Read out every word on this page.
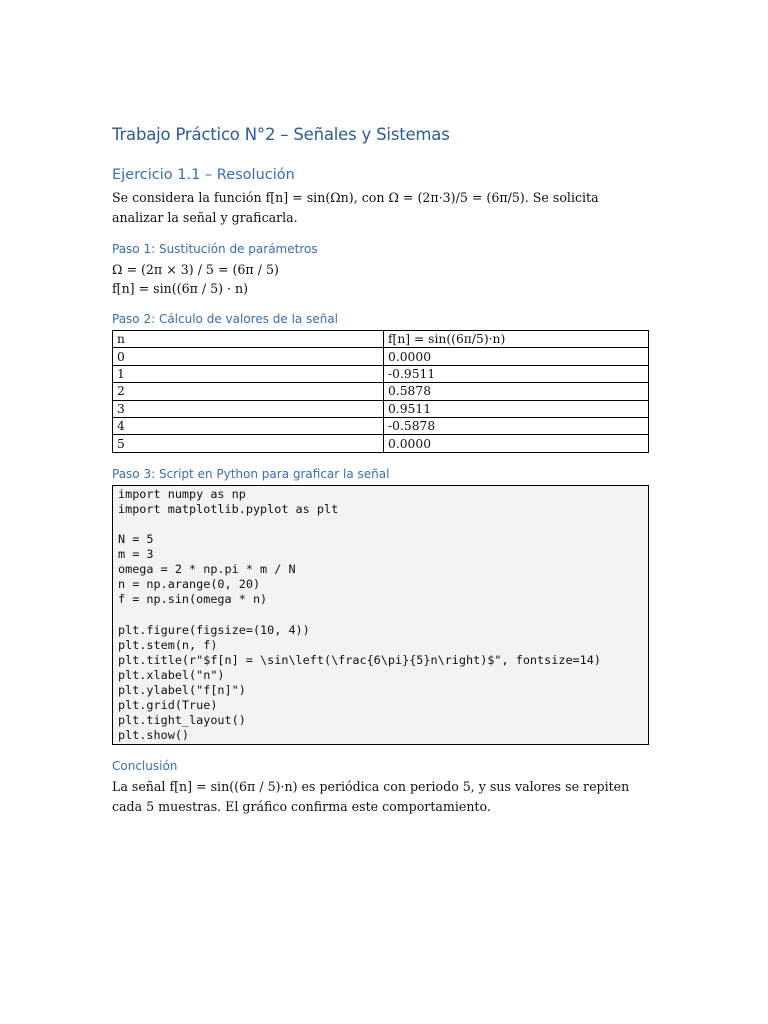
Trabajo Práctico N°2 – Señales y Sistemas
Ejercicio 1.1 – Resolución

Se considera la función f[n] = sin(Ωn), con Ω = (2π·3)/5 = (6π/5). Se solicita analizar la señal y graficarla.

Paso 1: Sustitución de parámetros

Ω = (2π × 3) / 5 = (6π / 5)

f[n] = sin((6π / 5) · n)

Paso 2: Cálculo de valores de la señal
n	f[n] = sin((6π/5)·n)
0	0.0000
1	-0.9511
2	0.5878
3	0.9511
4	-0.5878
5	0.0000
Paso 3: Script en Python para graficar la señal
import numpy as np
import matplotlib.pyplot as plt
N = 5
m = 3
omega = 2 * np.pi * m / N
n = np.arange(0, 20)
f = np.sin(omega * n)
plt.figure(figsize=(10, 4))
plt.stem(n, f)
plt.title(r"$f[n] = \sin\left(\frac{6\pi}{5}n\right)$", fontsize=14)
plt.xlabel("n")
plt.ylabel("f[n]")
plt.grid(True)
plt.tight_layout()
plt.show()
Conclusión

La señal f[n] = sin((6π / 5)·n) es periódica con periodo 5, y sus valores se repiten cada 5 muestras. El gráfico confirma este comportamiento.
